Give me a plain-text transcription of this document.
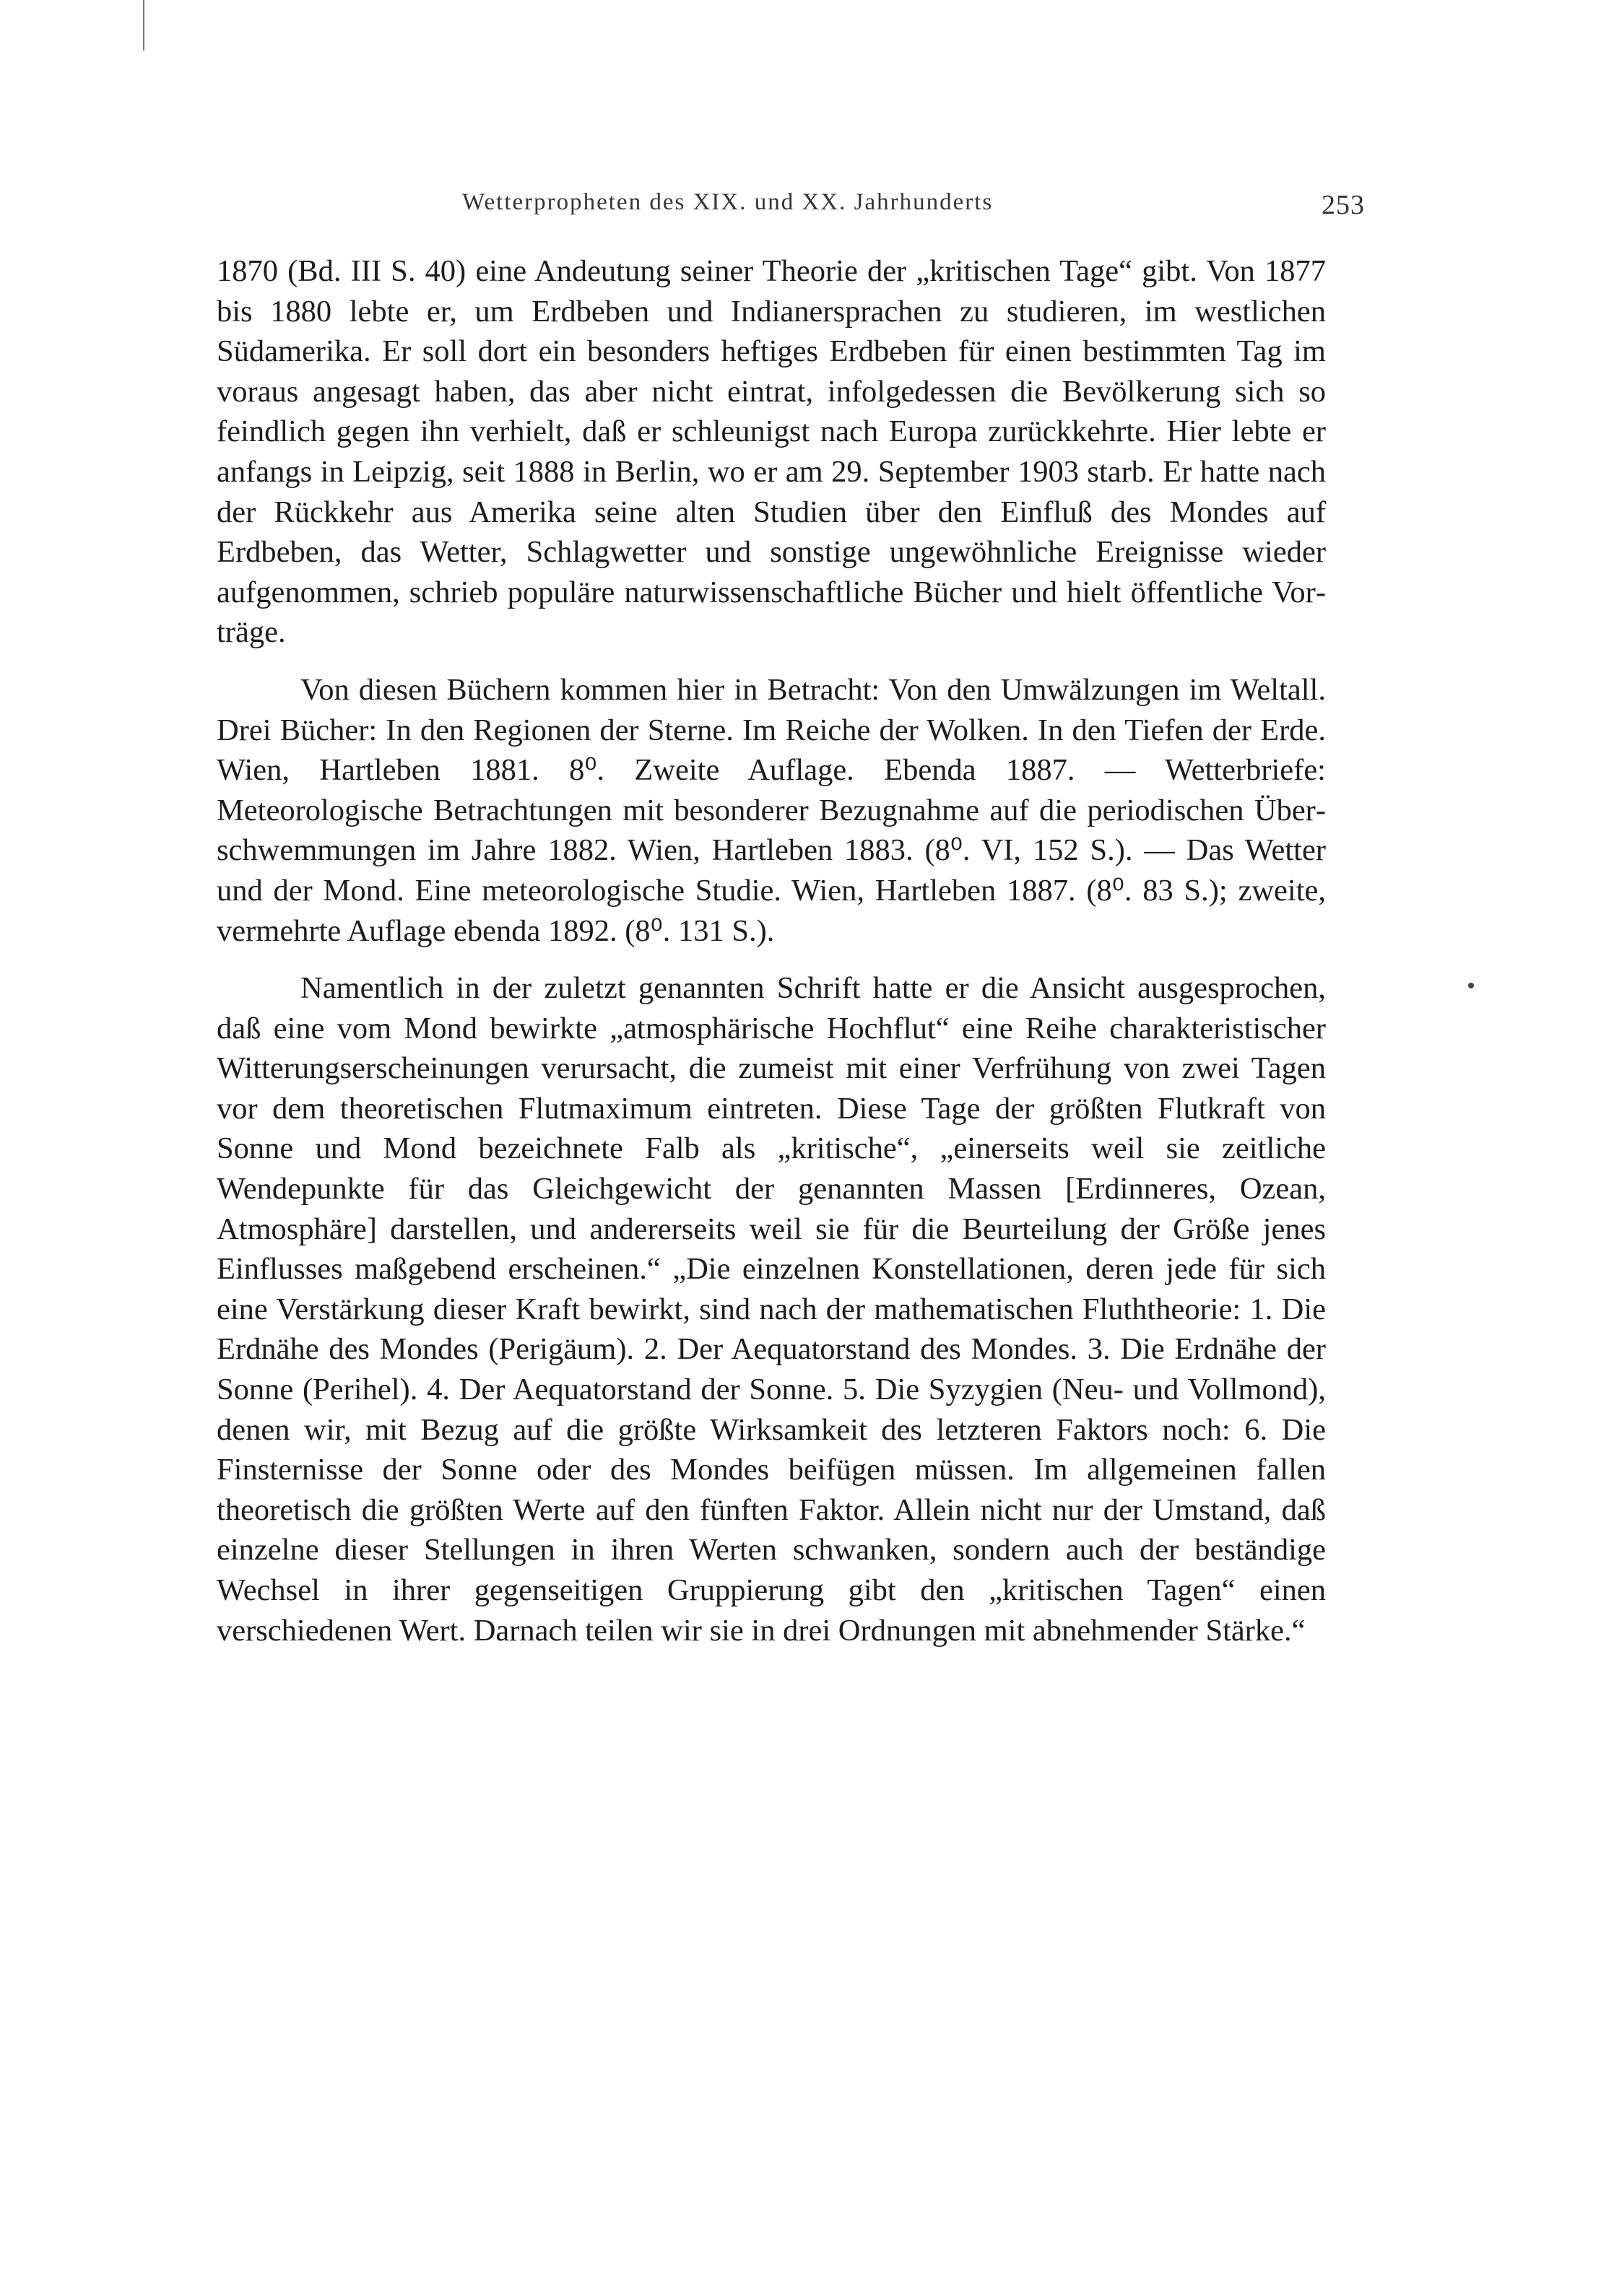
Wetterpropheten des XIX. und XX. Jahrhunderts	253

1870 (Bd. III S. 40) eine Andeutung seiner Theorie der „kritischen Tage“ gibt. Von 1877 bis 1880 lebte er, um Erdbeben und Indianersprachen zu studieren, im westlichen Südamerika. Er soll dort ein besonders heftiges Erdbeben für einen bestimmten Tag im voraus angesagt haben, das aber nicht eintrat, infolgedessen die Bevölkerung sich so feindlich gegen ihn verhielt, daß er schleunigst nach Europa zurückkehrte. Hier lebte er anfangs in Leipzig, seit 1888 in Berlin, wo er am 29. September 1903 starb. Er hatte nach der Rückkehr aus Amerika seine alten Studien über den Einfluß des Mondes auf Erdbeben, das Wetter, Schlagwetter und sonstige ungewöhnliche Ereignisse wieder aufgenommen, schrieb populäre naturwissenschaftliche Bücher und hielt öffentliche Vorträge.

Von diesen Büchern kommen hier in Betracht: Von den Umwälzungen im Weltall. Drei Bücher: In den Regionen der Sterne. Im Reiche der Wolken. In den Tiefen der Erde. Wien, Hartleben 1881. 8⁰. Zweite Auflage. Ebenda 1887. — Wetterbriefe: Meteorologische Betrachtungen mit besonderer Bezugnahme auf die periodischen Überschwemmungen im Jahre 1882. Wien, Hartleben 1883. (8⁰. VI, 152 S.). — Das Wetter und der Mond. Eine meteorologische Studie. Wien, Hartleben 1887. (8⁰. 83 S.); zweite, vermehrte Auflage ebenda 1892. (8⁰. 131 S.).

Namentlich in der zuletzt genannten Schrift hatte er die Ansicht ausgesprochen, daß eine vom Mond bewirkte „atmosphärische Hochflut“ eine Reihe charakteristischer Witterungserscheinungen verursacht, die zumeist mit einer Verfrühung von zwei Tagen vor dem theoretischen Flutmaximum eintreten. Diese Tage der größten Flutkraft von Sonne und Mond bezeichnete Falb als „kritische“, „einerseits weil sie zeitliche Wendepunkte für das Gleichgewicht der genannten Massen [Erdinneres, Ozean, Atmosphäre] darstellen, und andererseits weil sie für die Beurteilung der Größe jenes Einflusses maßgebend erscheinen.“ „Die einzelnen Konstellationen, deren jede für sich eine Verstärkung dieser Kraft bewirkt, sind nach der mathematischen Fluththeorie: 1. Die Erdnähe des Mondes (Perigäum). 2. Der Aequatorstand des Mondes. 3. Die Erdnähe der Sonne (Perihel). 4. Der Aequatorstand der Sonne. 5. Die Syzygien (Neu- und Vollmond), denen wir, mit Bezug auf die größte Wirksamkeit des letzteren Faktors noch: 6. Die Finsternisse der Sonne oder des Mondes beifügen müssen. Im allgemeinen fallen theoretisch die größten Werte auf den fünften Faktor. Allein nicht nur der Umstand, daß einzelne dieser Stellungen in ihren Werten schwanken, sondern auch der beständige Wechsel in ihrer gegenseitigen Gruppierung gibt den „kritischen Tagen“ einen verschiedenen Wert. Darnach teilen wir sie in drei Ordnungen mit abnehmender Stärke.“
